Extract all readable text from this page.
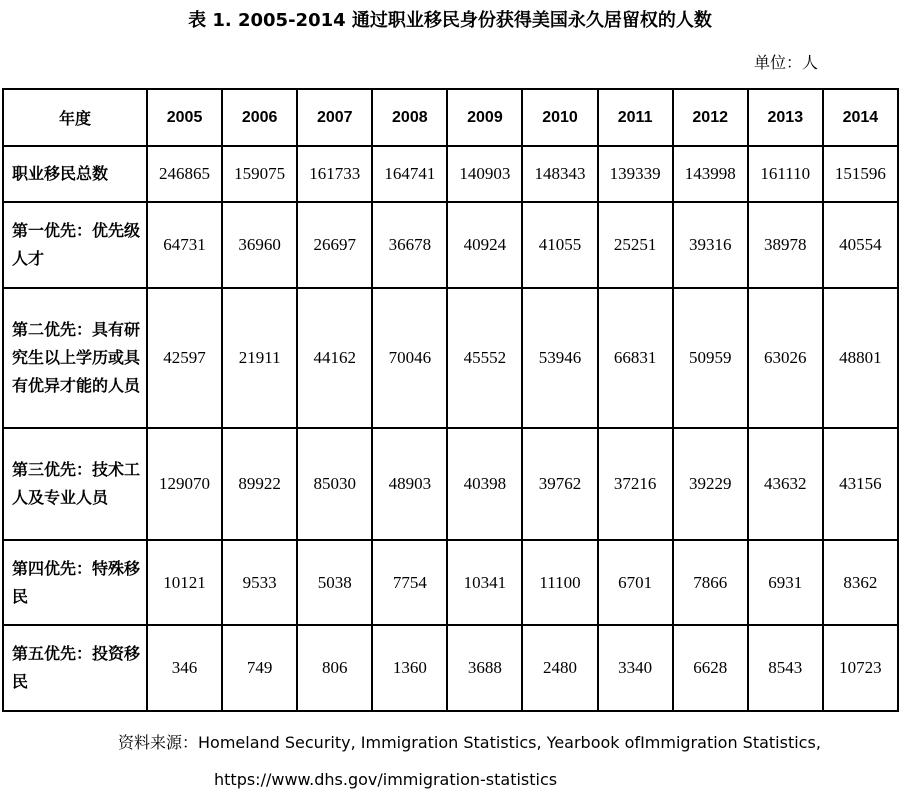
表 1. 2005-2014 通过职业移民身份获得美国永久居留权的人数
单位：人
年度	2005	2006	2007	2008	2009	2010	2011	2012	2013	2014
职业移民总数	246865	159075	161733	164741	140903	148343	139339	143998	161110	151596
第一优先：优先级人才	64731	36960	26697	36678	40924	41055	25251	39316	38978	40554
第二优先：具有研究生以上学历或具有优异才能的人员	42597	21911	44162	70046	45552	53946	66831	50959	63026	48801
第三优先：技术工人及专业人员	129070	89922	85030	48903	40398	39762	37216	39229	43632	43156
第四优先：特殊移民	10121	9533	5038	7754	10341	11100	6701	7866	6931	8362
第五优先：投资移民	346	749	806	1360	3688	2480	3340	6628	8543	10723
资料来源：Homeland Security, Immigration Statistics, Yearbook ofImmigration Statistics,
https://www.dhs.gov/immigration-statistics
